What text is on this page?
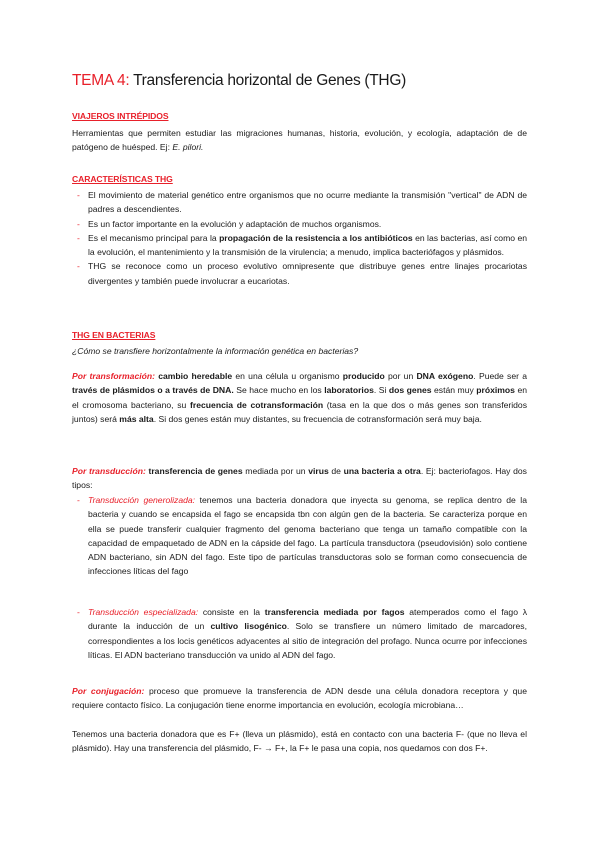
TEMA 4: Transferencia horizontal de Genes (THG)
VIAJEROS INTRÉPIDOS
Herramientas que permiten estudiar las migraciones humanas, historia, evolución, y ecología, adaptación de de patógeno de huésped. Ej: E. pilori.
CARACTERÍSTICAS THG
- El movimiento de material genético entre organismos que no ocurre mediante la transmisión "vertical" de ADN de padres a descendientes.
- Es un factor importante en la evolución y adaptación de muchos organismos.
- Es el mecanismo principal para la propagación de la resistencia a los antibióticos en las bacterias, así como en la evolución, el mantenimiento y la transmisión de la virulencia; a menudo, implica bacteriófagos y plásmidos.
- THG se reconoce como un proceso evolutivo omnipresente que distribuye genes entre linajes procariotas divergentes y también puede involucrar a eucariotas.
THG EN BACTERIAS
¿Cómo se transfiere horizontalmente la información genética en bacterias?
Por transformación: cambio heredable en una célula u organismo producido por un DNA exógeno. Puede ser a través de plásmidos o a través de DNA. Se hace mucho en los laboratorios. Si dos genes están muy próximos en el cromosoma bacteriano, su frecuencia de cotransformación (tasa en la que dos o más genes son transferidos juntos) será más alta. Si dos genes están muy distantes, su frecuencia de cotransformación será muy baja.
Por transducción: transferencia de genes mediada por un virus de una bacteria a otra. Ej: bacteriofagos. Hay dos tipos:
- Transducción generolizada: tenemos una bacteria donadora que inyecta su genoma, se replica dentro de la bacteria y cuando se encapsida el fago se encapsida tbn con algún gen de la bacteria. Se caracteriza porque en ella se puede transferir cualquier fragmento del genoma bacteriano que tenga un tamaño compatible con la capacidad de empaquetado de ADN en la cápside del fago. La partícula transductora (pseudovisión) solo contiene ADN bacteriano, sin ADN del fago. Este tipo de partículas transductoras solo se forman como consecuencia de infecciones líticas del fago
- Transducción especializada: consiste en la transferencia mediada por fagos atemperados como el fago λ durante la inducción de un cultivo lisogénico. Solo se transfiere un número limitado de marcadores, correspondientes a los locis genéticos adyacentes al sitio de integración del profago. Nunca ocurre por infecciones líticas. El ADN bacteriano transducción va unido al ADN del fago.
Por conjugación: proceso que promueve la transferencia de ADN desde una célula donadora receptora y que requiere contacto físico. La conjugación tiene enorme importancia en evolución, ecología microbiana…
Tenemos una bacteria donadora que es F+ (lleva un plásmido), está en contacto con una bacteria F- (que no lleva el plásmido). Hay una transferencia del plásmido, F- → F+, la F+ le pasa una copia, nos quedamos con dos F+.
